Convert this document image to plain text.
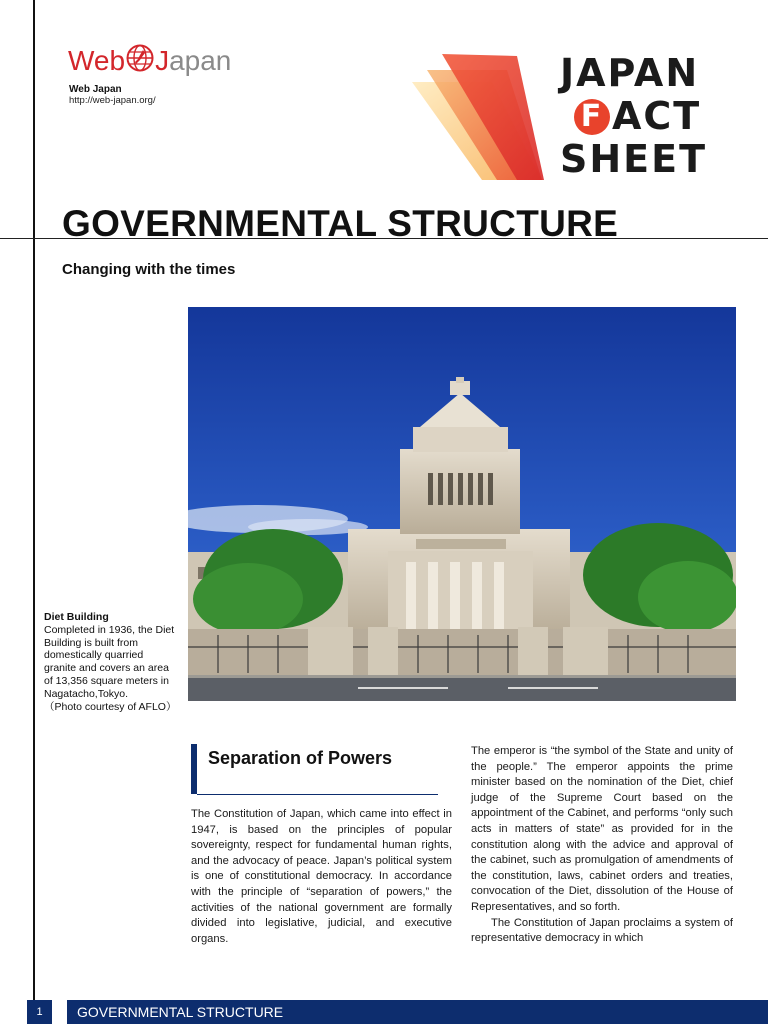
Web J apan
Web Japan
http://web-japan.org/
JAPAN
F ACT
SHEET
GOVERNMENTAL STRUCTURE
Changing with the times
Diet Building
Completed in 1936, the Diet Building is built from domestically quarried granite and covers an area of 13,356 square meters in Nagatacho,Tokyo.
（Photo courtesy of AFLO）
Separation of Powers

The Constitution of Japan, which came into effect in 1947, is based on the principles of popular sovereignty, respect for fundamental human rights, and the advocacy of peace. Japan’s political system is one of constitutional democracy. In accordance with the principle of “separation of powers,” the activities of the national government are formally divided into legislative, judicial, and executive organs.

The emperor is “the symbol of the State and unity of the people.” The emperor appoints the prime minister based on the nomination of the Diet, chief judge of the Supreme Court based on the appointment of the Cabinet, and performs “only such acts in matters of state” as provided for in the constitution along with the advice and approval of the cabinet, such as promulgation of amendments of the constitution, laws, cabinet orders and treaties, convocation of the Diet, dissolution of the House of Representatives, and so forth.

The Constitution of Japan proclaims a system of representative democracy in which

1	GOVERNMENTAL STRUCTURE
